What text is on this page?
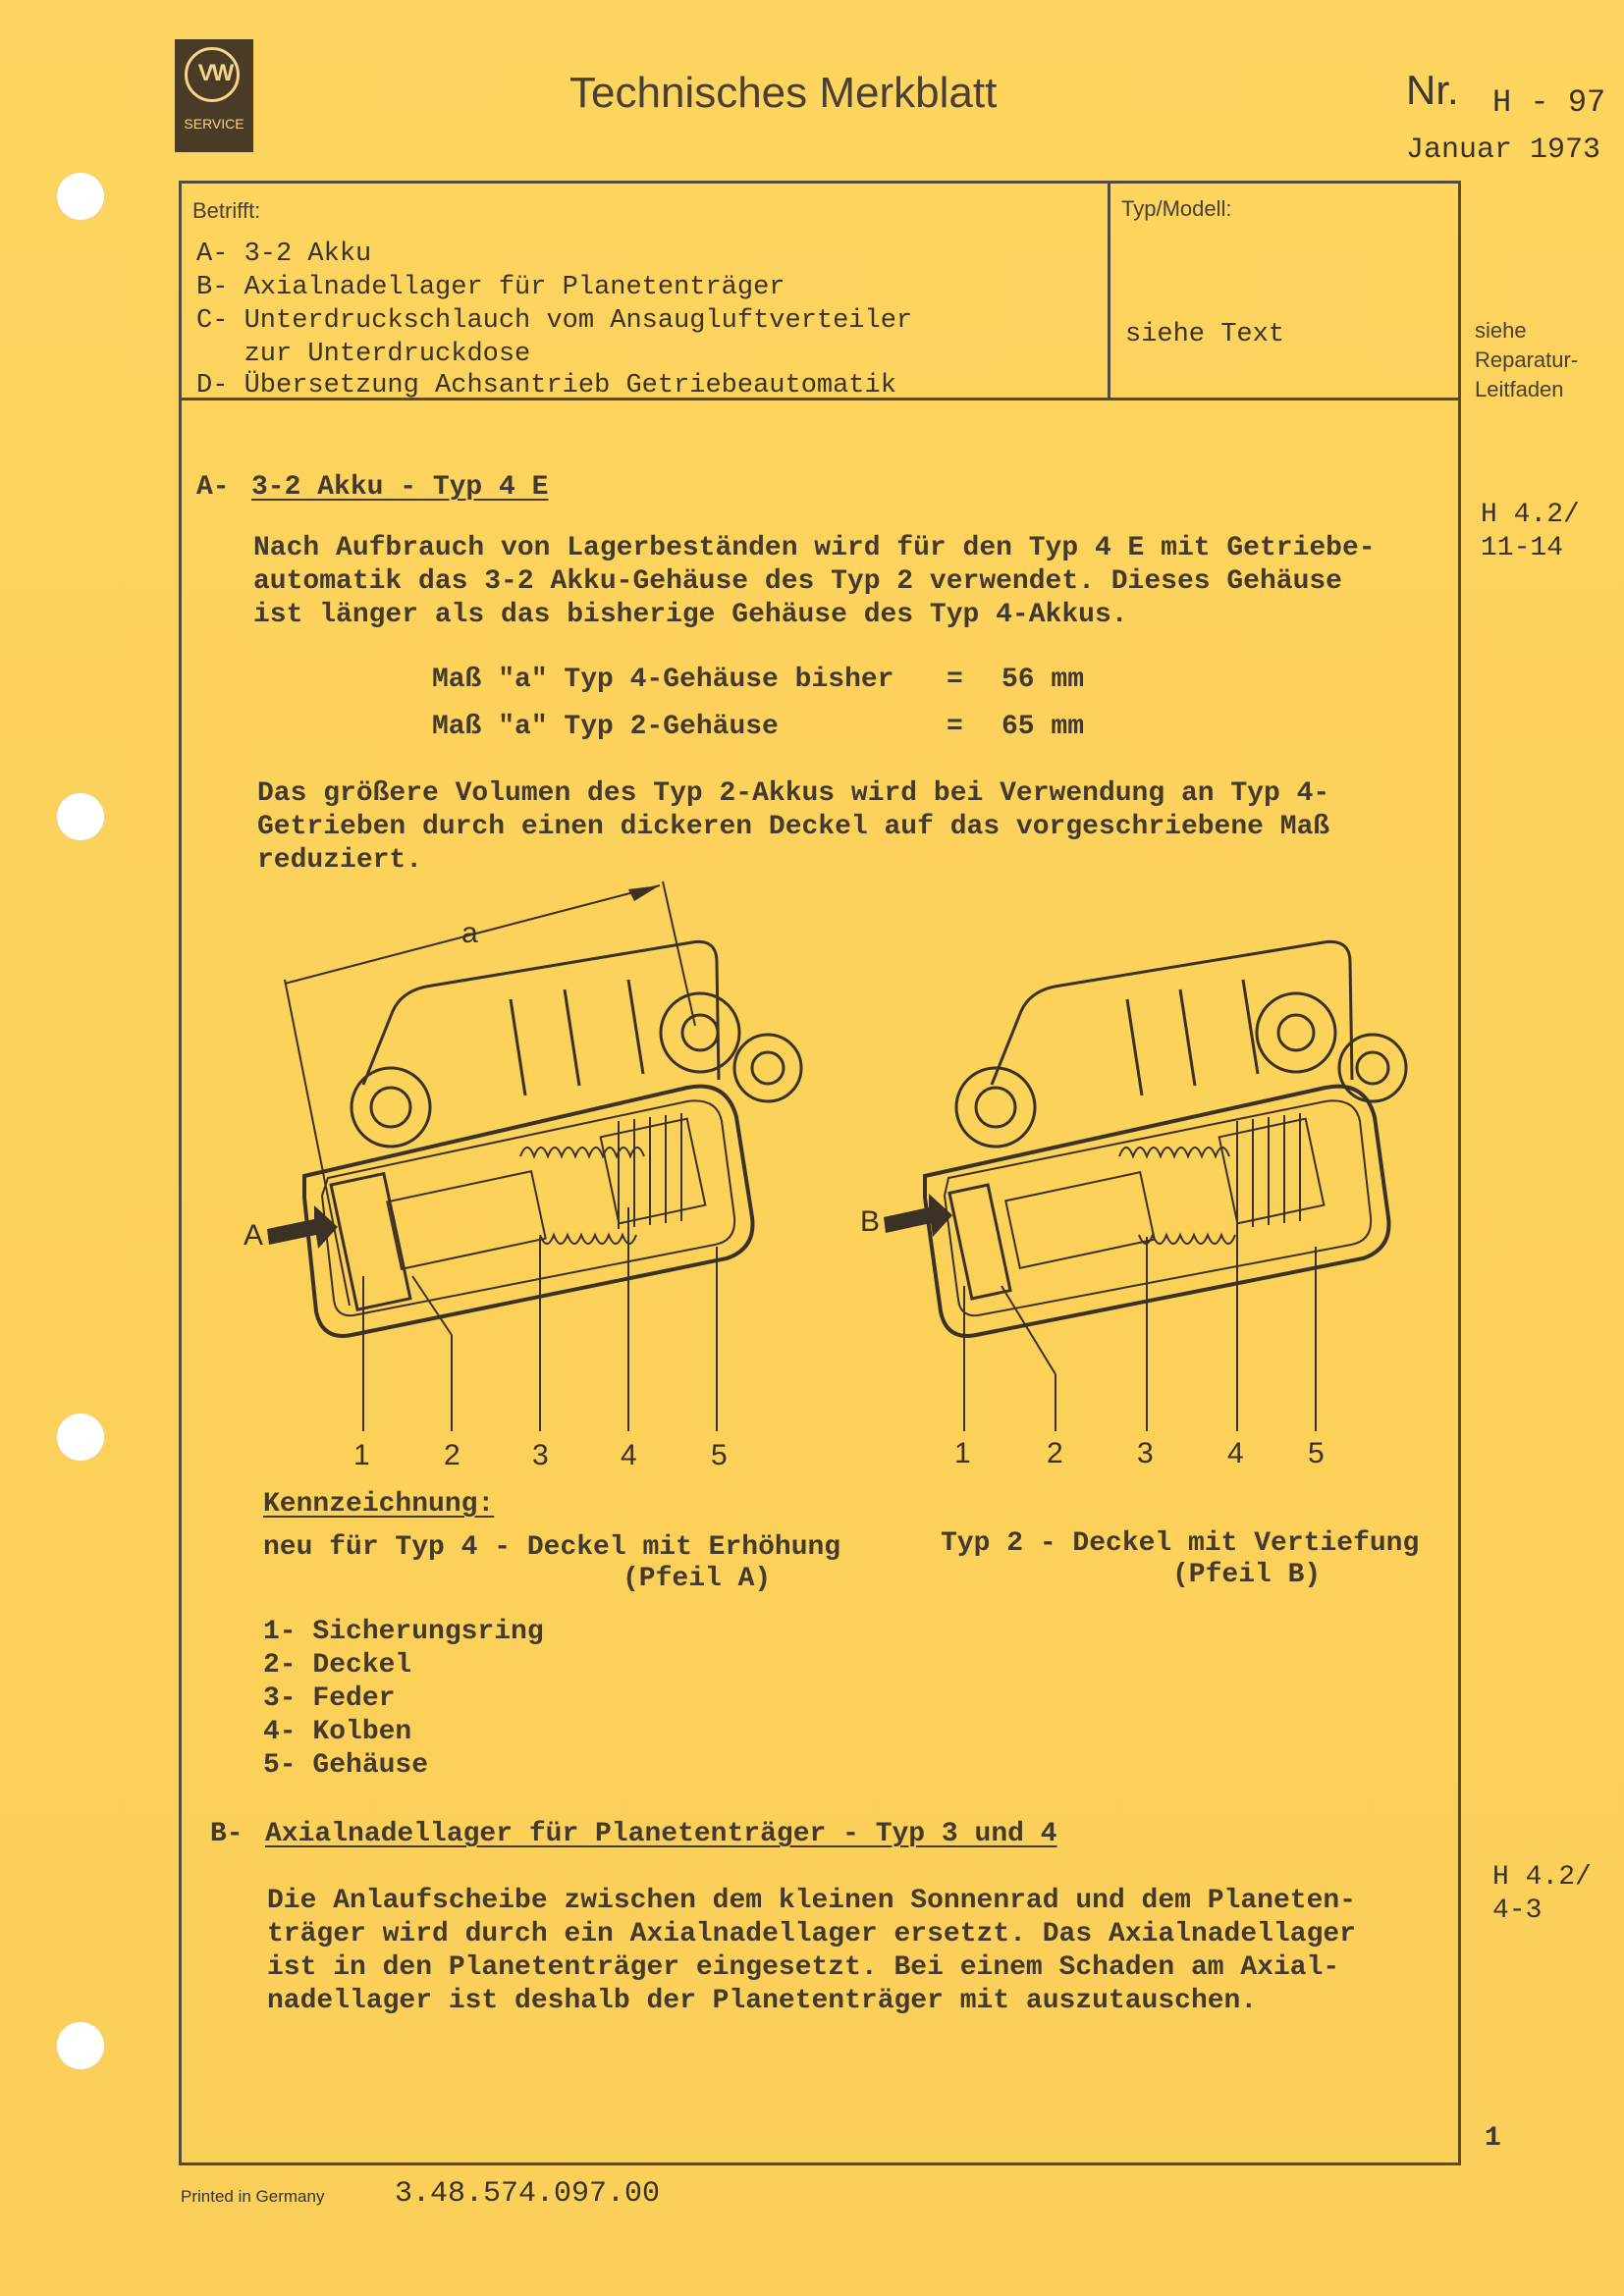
VW
SERVICE
Technisches Merkblatt	Nr. H - 97
Januar 1973
Betrifft:
A- 3-2 Akku
B- Axialnadellager für Planetenträger
C- Unterdruckschlauch vom Ansaugluftverteiler
zur Unterdruckdose
D- Übersetzung Achsantrieb Getriebeautomatik
Typ/Modell:
siehe Text	siehe
Reparatur-
Leitfaden
A- 3-2 Akku - Typ 4 E
H 4.2/
11-14
Nach Aufbrauch von Lagerbeständen wird für den Typ 4 E mit Getriebe-
automatik das 3-2 Akku-Gehäuse des Typ 2 verwendet. Dieses Gehäuse
ist länger als das bisherige Gehäuse des Typ 4-Akkus.
Maß "a" Typ 4-Gehäuse bisher = 56 mm
Maß "a" Typ 2-Gehäuse	= 65 mm
Das größere Volumen des Typ 2-Akkus wird bei Verwendung an Typ 4-
Getrieben durch einen dickeren Deckel auf das vorgeschriebene Maß
reduziert.
a
A	B
1	2 3 4	5	1	2	3	4 5
Kennzeichnung:
neu für Typ 4 - Deckel mit Erhöhung
(Pfeil A)
Typ 2 - Deckel mit Vertiefung
(Pfeil B)
1- Sicherungsring
2- Deckel
3- Feder
4- Kolben
5- Gehäuse
B- Axialnadellager für Planetenträger - Typ 3 und 4
H 4.2/
4-3
Die Anlaufscheibe zwischen dem kleinen Sonnenrad und dem Planeten-
träger wird durch ein Axialnadellager ersetzt. Das Axialnadellager
ist in den Planetenträger eingesetzt. Bei einem Schaden am Axial-
nadellager ist deshalb der Planetenträger mit auszutauschen.
1
Printed in Germany 3.48.574.097.00
